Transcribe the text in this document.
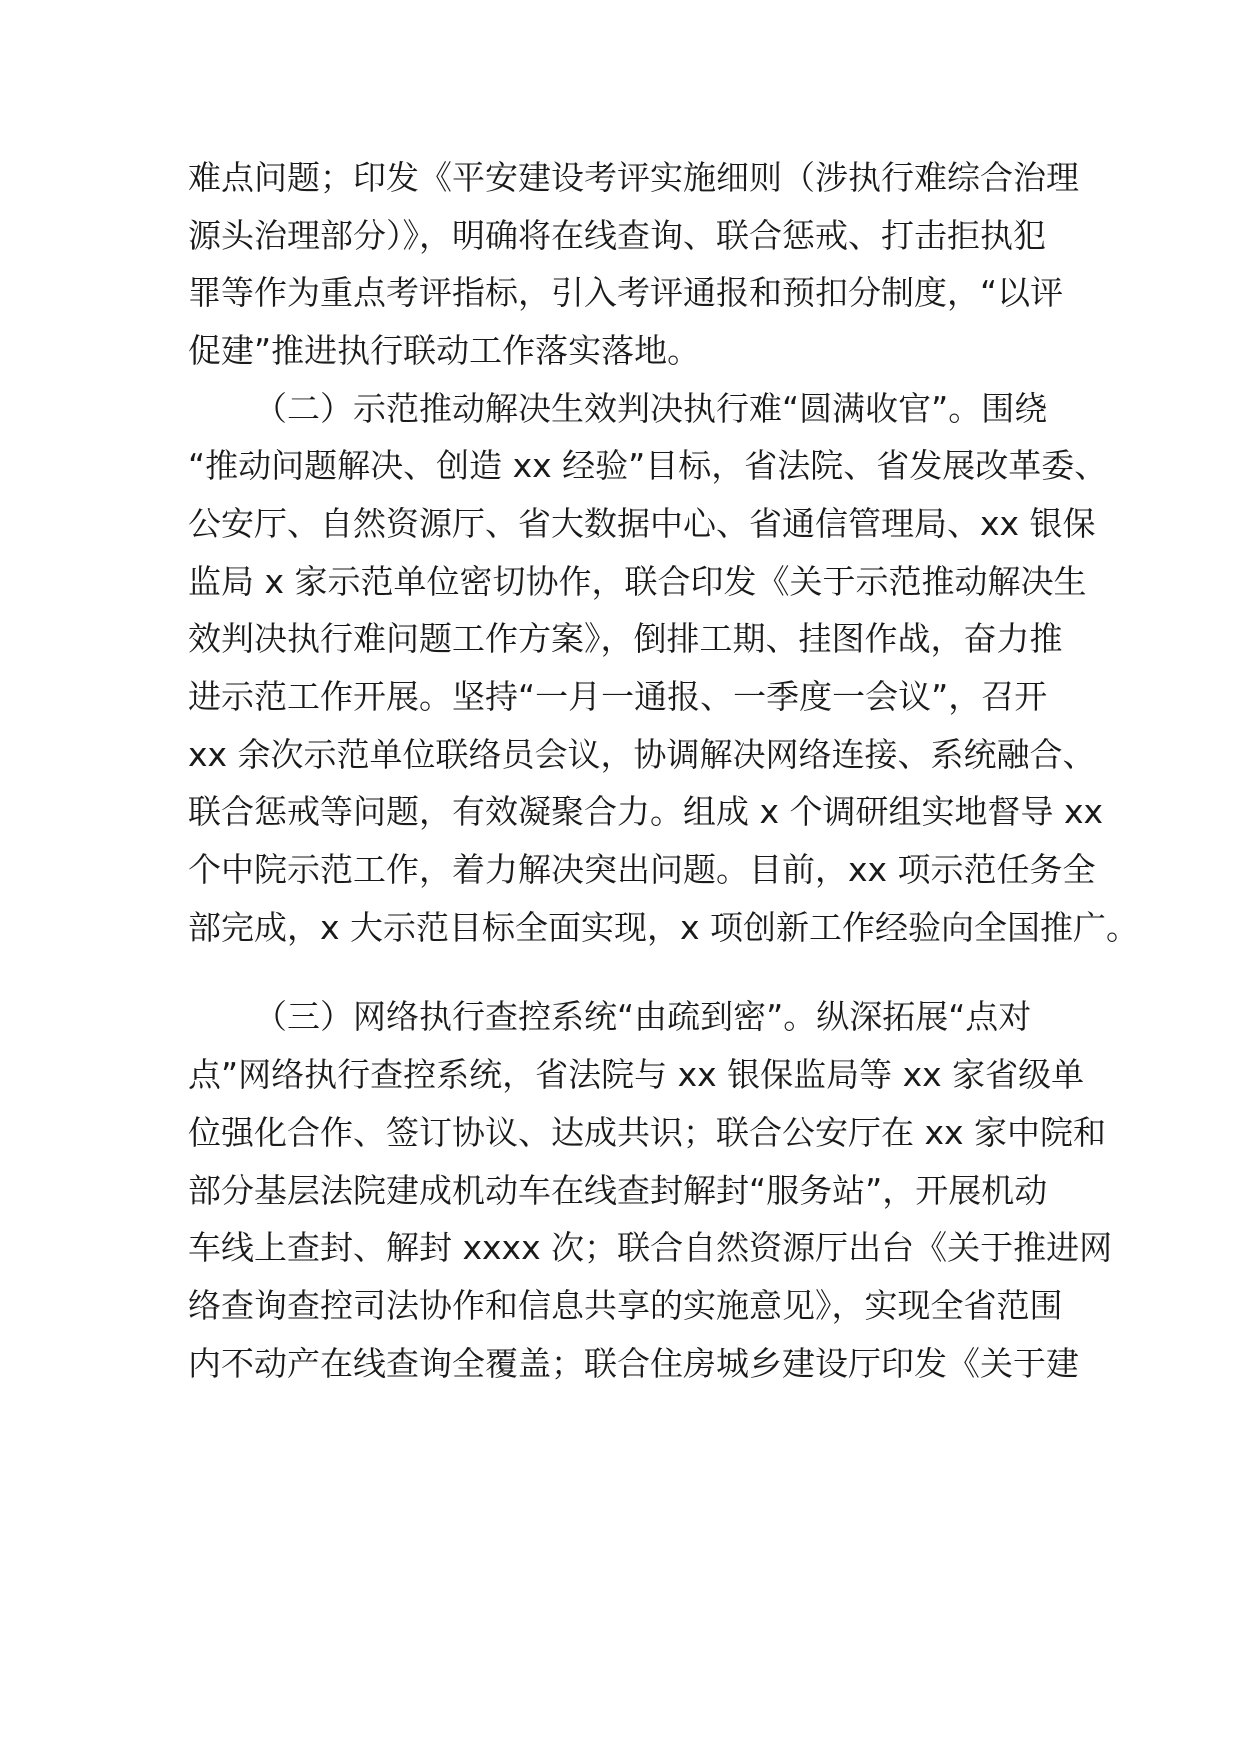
难点问题；印发《平安建设考评实施细则（涉执行难综合治理

源头治理部分）》，明确将在线查询、联合惩戒、打击拒执犯

罪等作为重点考评指标，引入考评通报和预扣分制度，“以评

促建”推进执行联动工作落实落地。

（二）示范推动解决生效判决执行难“圆满收官”。围绕

“推动问题解决、创造 xx 经验”目标，省法院、省发展改革委、

公安厅、自然资源厅、省大数据中心、省通信管理局、xx 银保

监局 x 家示范单位密切协作，联合印发《关于示范推动解决生

效判决执行难问题工作方案》，倒排工期、挂图作战，奋力推

进示范工作开展。坚持“一月一通报、一季度一会议”，召开

xx 余次示范单位联络员会议，协调解决网络连接、系统融合、

联合惩戒等问题，有效凝聚合力。组成 x 个调研组实地督导 xx

个中院示范工作，着力解决突出问题。目前，xx 项示范任务全

部完成，x 大示范目标全面实现，x 项创新工作经验向全国推广。

（三）网络执行查控系统“由疏到密”。纵深拓展“点对

点”网络执行查控系统，省法院与 xx 银保监局等 xx 家省级单

位强化合作、签订协议、达成共识；联合公安厅在 xx 家中院和

部分基层法院建成机动车在线查封解封“服务站”，开展机动

车线上查封、解封 xxxx 次；联合自然资源厅出台《关于推进网

络查询查控司法协作和信息共享的实施意见》，实现全省范围

内不动产在线查询全覆盖；联合住房城乡建设厅印发《关于建
